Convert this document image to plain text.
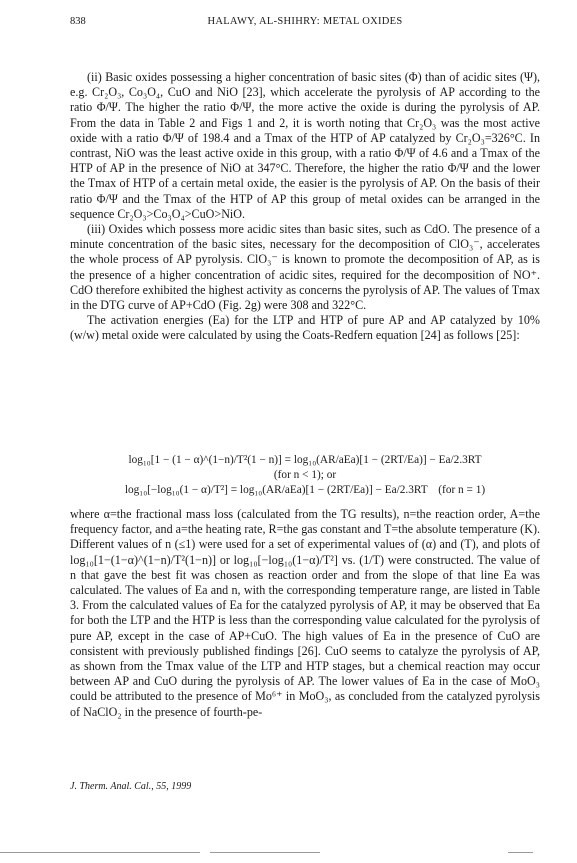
838	HALAWY, AL-SHIHRY: METAL OXIDES

(ii) Basic oxides possessing a higher concentration of basic sites (Φ) than of acidic sites (Ψ), e.g. Cr₂O₃, Co₃O₄, CuO and NiO [23], which accelerate the pyrolysis of AP according to the ratio Φ/Ψ. The higher the ratio Φ/Ψ, the more active the oxide is during the pyrolysis of AP. From the data in Table 2 and Figs 1 and 2, it is worth noting that Cr₂O₃ was the most active oxide with a ratio Φ/Ψ of 198.4 and a Tmax of the HTP of AP catalyzed by Cr₂O₃=326°C. In contrast, NiO was the least active oxide in this group, with a ratio Φ/Ψ of 4.6 and a Tmax of the HTP of AP in the presence of NiO at 347°C. Therefore, the higher the ratio Φ/Ψ and the lower the Tmax of HTP of a certain metal oxide, the easier is the pyrolysis of AP. On the basis of their ratio Φ/Ψ and the Tmax of the HTP of AP this group of metal oxides can be arranged in the sequence Cr₂O₃>Co₃O₄>CuO>NiO.

(iii) Oxides which possess more acidic sites than basic sites, such as CdO. The presence of a minute concentration of the basic sites, necessary for the decomposition of ClO₃⁻, accelerates the whole process of AP pyrolysis. ClO₃⁻ is known to promote the decomposition of AP, as is the presence of a higher concentration of acidic sites, required for the decomposition of NO⁺. CdO therefore exhibited the highest activity as concerns the pyrolysis of AP. The values of Tmax in the DTG curve of AP+CdO (Fig. 2g) were 308 and 322°C.

The activation energies (Ea) for the LTP and HTP of pure AP and AP catalyzed by 10% (w/w) metal oxide were calculated by using the Coats-Redfern equation [24] as follows [25]:

log₁₀[1 − (1 − α)^(1−n)/T²(1 − n)] = log₁₀(AR/aEa)[1 − (2RT/Ea)] − Ea/2.3RT
(for n < 1); or
log₁₀[−log₁₀(1 − α)/T²] = log₁₀(AR/aEa)[1 − (2RT/Ea)] − Ea/2.3RT (for n = 1)

where α=the fractional mass loss (calculated from the TG results), n=the reaction order, A=the frequency factor, and a=the heating rate, R=the gas constant and T=the absolute temperature (K). Different values of n (≤1) were used for a set of experimental values of (α) and (T), and plots of log₁₀[1−(1−α)^(1−n)/T²(1−n)] or log₁₀[−log₁₀(1−α)/T²] vs. (1/T) were constructed. The value of n that gave the best fit was chosen as reaction order and from the slope of that line Ea was calculated. The values of Ea and n, with the corresponding temperature range, are listed in Table 3. From the calculated values of Ea for the catalyzed pyrolysis of AP, it may be observed that Ea for both the LTP and the HTP is less than the corresponding value calculated for the pyrolysis of pure AP, except in the case of AP+CuO. The high values of Ea in the presence of CuO are consistent with previously published findings [26]. CuO seems to catalyze the pyrolysis of AP, as shown from the Tmax value of the LTP and HTP stages, but a chemical reaction may occur between AP and CuO during the pyrolysis of AP. The lower values of Ea in the case of MoO₃ could be attributed to the presence of Mo⁶⁺ in MoO₃, as concluded from the catalyzed pyrolysis of NaClO₂ in the presence of fourth-pe-

J. Therm. Anal. Cal., 55, 1999
